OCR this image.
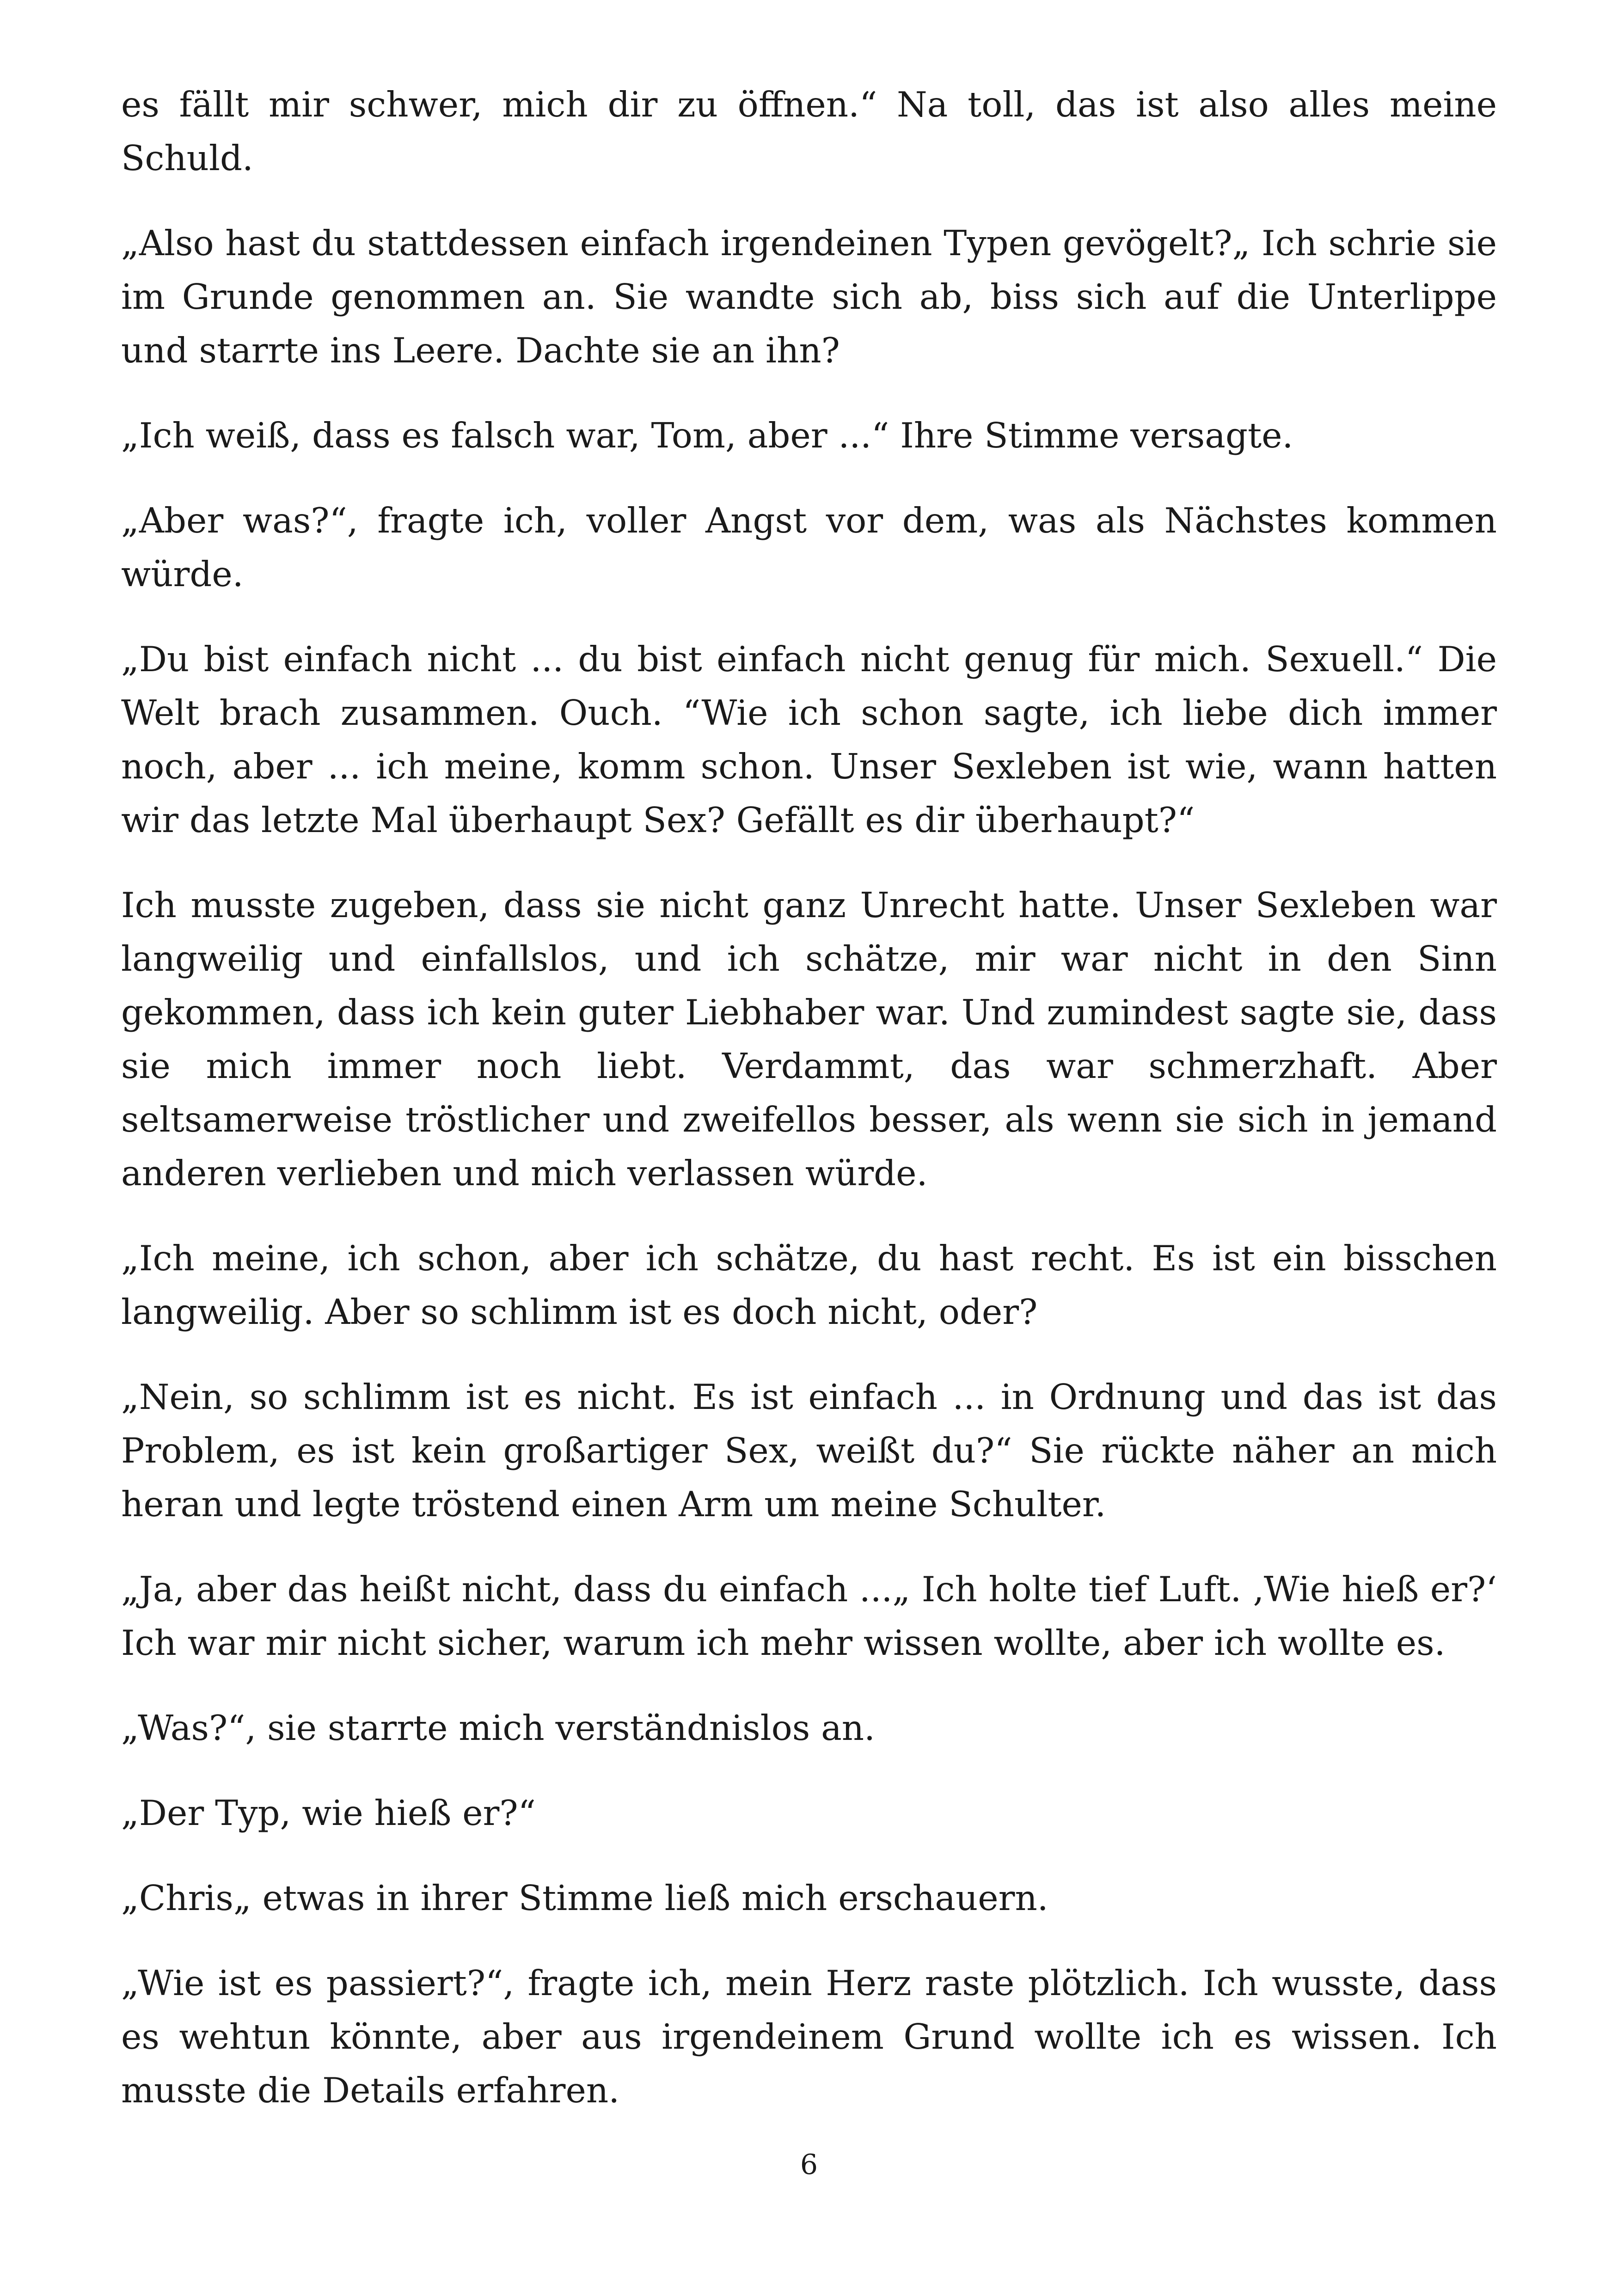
es fällt mir schwer, mich dir zu öffnen.“ Na toll, das ist also alles meine Schuld.

„Also hast du stattdessen einfach irgendeinen Typen gevögelt?„ Ich schrie sie im Grunde genommen an. Sie wandte sich ab, biss sich auf die Unterlippe und starrte ins Leere. Dachte sie an ihn?

„Ich weiß, dass es falsch war, Tom, aber ...“ Ihre Stimme versagte.

„Aber was?“, fragte ich, voller Angst vor dem, was als Nächstes kommen würde.

„Du bist einfach nicht ... du bist einfach nicht genug für mich. Sexuell.“ Die Welt brach zusammen. Ouch. “Wie ich schon sagte, ich liebe dich immer noch, aber ... ich meine, komm schon. Unser Sexleben ist wie, wann hatten wir das letzte Mal überhaupt Sex? Gefällt es dir überhaupt?“

Ich musste zugeben, dass sie nicht ganz Unrecht hatte. Unser Sexleben war langweilig und einfallslos, und ich schätze, mir war nicht in den Sinn gekommen, dass ich kein guter Liebhaber war. Und zumindest sagte sie, dass sie mich immer noch liebt. Verdammt, das war schmerzhaft. Aber seltsamerweise tröstlicher und zweifellos besser, als wenn sie sich in jemand anderen verlieben und mich verlassen würde.

„Ich meine, ich schon, aber ich schätze, du hast recht. Es ist ein bisschen langweilig. Aber so schlimm ist es doch nicht, oder?

„Nein, so schlimm ist es nicht. Es ist einfach ... in Ordnung und das ist das Problem, es ist kein großartiger Sex, weißt du?“ Sie rückte näher an mich heran und legte tröstend einen Arm um meine Schulter.

„Ja, aber das heißt nicht, dass du einfach ...„ Ich holte tief Luft. ‚Wie hieß er?‘ Ich war mir nicht sicher, warum ich mehr wissen wollte, aber ich wollte es.

„Was?“, sie starrte mich verständnislos an.

„Der Typ, wie hieß er?“

„Chris„ etwas in ihrer Stimme ließ mich erschauern.

„Wie ist es passiert?“, fragte ich, mein Herz raste plötzlich. Ich wusste, dass es wehtun könnte, aber aus irgendeinem Grund wollte ich es wissen. Ich musste die Details erfahren.

6
